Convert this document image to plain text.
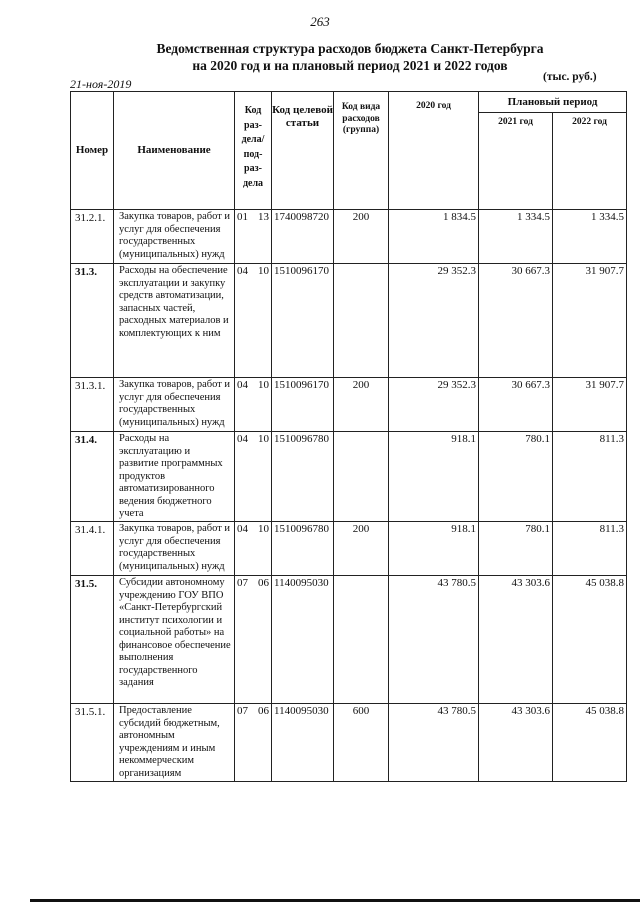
263
Ведомственная структура расходов бюджета Санкт-Петербурга
на 2020 год и на плановый период 2021 и 2022 годов
21-ноя-2019	(тыс. руб.)
Номер	Наименование	Код раз-дела/ под-раз-дела		Код целевой статьи	Код вида расходов (группа)	2020 год	Плановый период	
							2021 год	2022 год
31.2.1.	Закупка товаров, работ и услуг для обеспечения государственных (муниципальных) нужд	01	13	1740098720	200	1 834.5	1 334.5	1 334.5
31.3.	Расходы на обеспечение эксплуатации и закупку средств автоматизации, запасных частей, расходных материалов и комплектующих к ним	04	10	1510096170		29 352.3	30 667.3	31 907.7
31.3.1.	Закупка товаров, работ и услуг для обеспечения государственных (муниципальных) нужд	04	10	1510096170	200	29 352.3	30 667.3	31 907.7
31.4.	Расходы на эксплуатацию и развитие программных продуктов автоматизированного ведения бюджетного учета	04	10	1510096780		918.1	780.1	811.3
31.4.1.	Закупка товаров, работ и услуг для обеспечения государственных (муниципальных) нужд	04	10	1510096780	200	918.1	780.1	811.3
31.5.	Субсидии автономному учреждению ГОУ ВПО «Санкт-Петербургский институт психологии и социальной работы» на финансовое обеспечение выполнения государственного задания	07	06	1140095030		43 780.5	43 303.6	45 038.8
31.5.1.	Предоставление субсидий бюджетным, автономным учреждениям и иным некоммерческим организациям	07	06	1140095030	600	43 780.5	43 303.6	45 038.8
